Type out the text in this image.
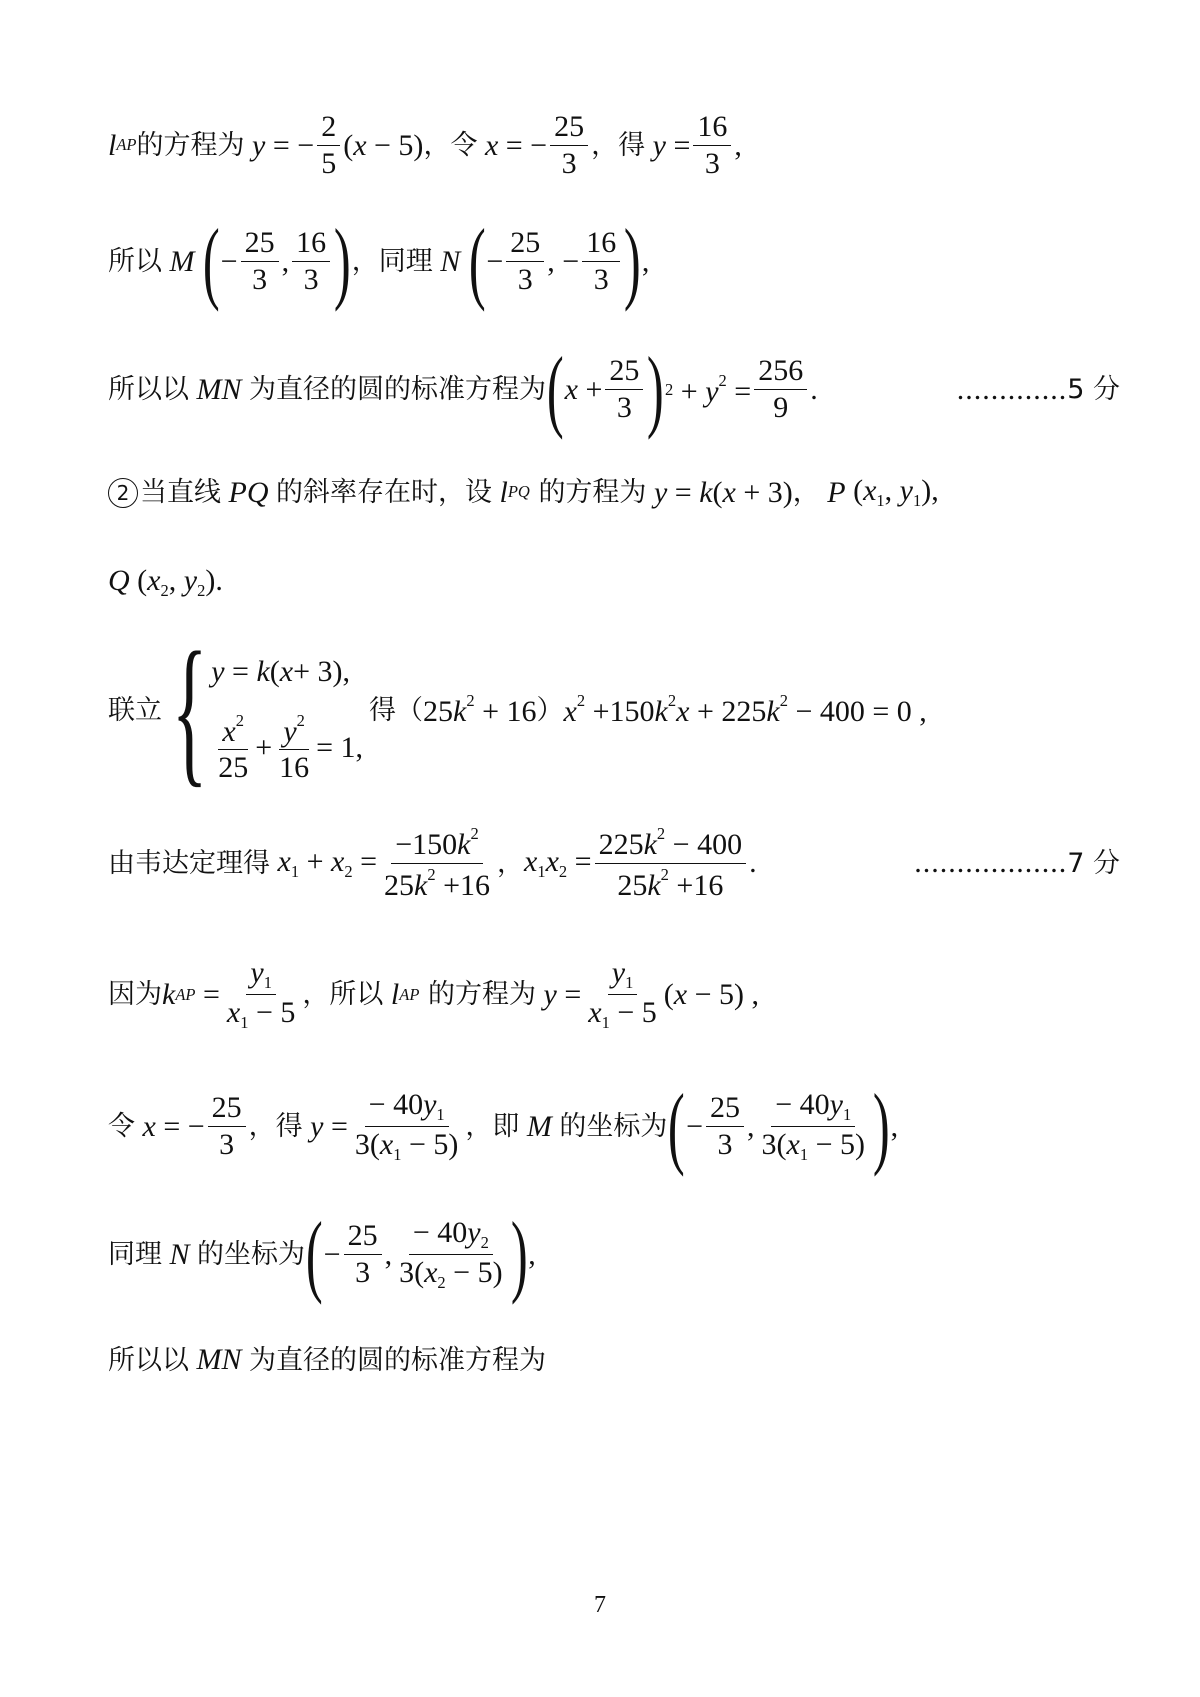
l AP 的方程为 y = − $\frac{2}{5} (x - 5)$ ， 令 x = − $\frac{25}{3}$ ， 得 $y = \frac{16}{3}$ ,
所以 M ( − $\frac{25}{3}$ , $\frac{16}{3}$ ) ， 同理 N ( − $\frac{25}{3}$ , − $\frac{16}{3}$ ) ,
所以以 MN 为直径的圆的标准方程为 ( $x + \frac{25}{3}$ ) $2 + y^2 = \frac{256}{9}$ .	............. 5 分
2 当直线 PQ 的斜率存在时，设 l PQ
的方程为 y = k(x + 3) ， P (x1, y1),
Q (x2, y2).
联立 { y = k ( x + 3),
$\frac{x^2}{25} + \frac{y^2}{16} = 1$,
得（ $25k^2 + 16$ ） $x^2 +150k^2x + 225k^2 - 400 = 0$ ,
由韦达定理得 $x1 + x2 = \frac{-150k^2}{25k^2 +16}$ ， $x1x2 = \frac{225k^2 - 400}{25k^2 +16}$ .	.................. 7 分
因为 k AP = $\frac{y1}{x1 - 5}$ ，所以 l AP
的方程为 $y = \frac{y1}{x1 - 5} (x - 5)$ ,
令 x = − $\frac{25}{3}$ ， 得 $y = \frac{- 40y1}{3(x1 - 5)}$ ，即 M 的坐标为 ( − $\frac{25}{3}$ , $\frac{- 40y1}{3(x1 - 5)}$ ) ,
同理 N 的坐标为 ( − $\frac{25}{3}$ , $\frac{- 40y2}{3(x2 - 5)}$ ) ,
所以以 MN 为直径的圆的标准方程为
7
